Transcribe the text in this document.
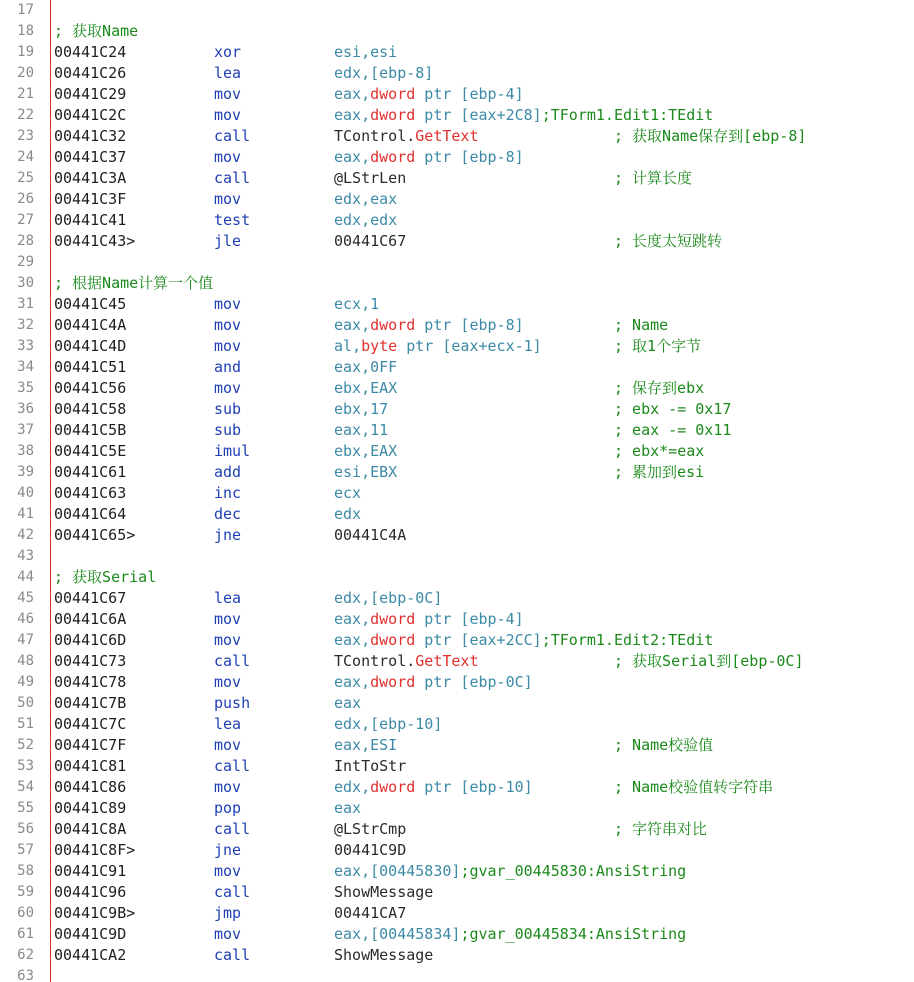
17
18 ; 获取Name
19 00441C24	xor	esi,esi
20 00441C26	lea	edx,[ebp-8]
21 00441C29	mov	eax,dword ptr [ebp-4]
22 00441C2C	mov	eax,dword ptr [eax+2C8];TForm1.Edit1:TEdit
23 00441C32	call	TControl.GetText	; 获取Name保存到[ebp-8]
24 00441C37	mov	eax,dword ptr [ebp-8]
25 00441C3A	call	@LStrLen	; 计算长度
26 00441C3F	mov	edx,eax
27 00441C41	test	edx,edx
28 00441C43>	jle	00441C67	; 长度太短跳转
29
30 ; 根据Name计算一个值
31 00441C45	mov	ecx,1
32 00441C4A	mov	eax,dword ptr [ebp-8]	; Name
33 00441C4D	mov	al,byte ptr [eax+ecx-1]	; 取1个字节
34 00441C51	and	eax,0FF
35 00441C56	mov	ebx,EAX	; 保存到ebx
36 00441C58	sub	ebx,17	; ebx -= 0x17
37 00441C5B	sub	eax,11	; eax -= 0x11
38 00441C5E	imul	ebx,EAX	; ebx*=eax
39 00441C61	add	esi,EBX	; 累加到esi
40 00441C63	inc	ecx
41 00441C64	dec	edx
42 00441C65>	jne	00441C4A
43
44 ; 获取Serial
45 00441C67	lea	edx,[ebp-0C]
46 00441C6A	mov	eax,dword ptr [ebp-4]
47 00441C6D	mov	eax,dword ptr [eax+2CC];TForm1.Edit2:TEdit
48 00441C73	call	TControl.GetText	; 获取Serial到[ebp-0C]
49 00441C78	mov	eax,dword ptr [ebp-0C]
50 00441C7B	push	eax
51 00441C7C	lea	edx,[ebp-10]
52 00441C7F	mov	eax,ESI	; Name校验值
53 00441C81	call	IntToStr
54 00441C86	mov	edx,dword ptr [ebp-10]	; Name校验值转字符串
55 00441C89	pop	eax
56 00441C8A	call	@LStrCmp	; 字符串对比
57 00441C8F>	jne	00441C9D
58 00441C91	mov	eax,[00445830];gvar_00445830:AnsiString
59 00441C96	call	ShowMessage
60 00441C9B>	jmp	00441CA7
61 00441C9D	mov	eax,[00445834];gvar_00445834:AnsiString
62 00441CA2	call	ShowMessage
63
